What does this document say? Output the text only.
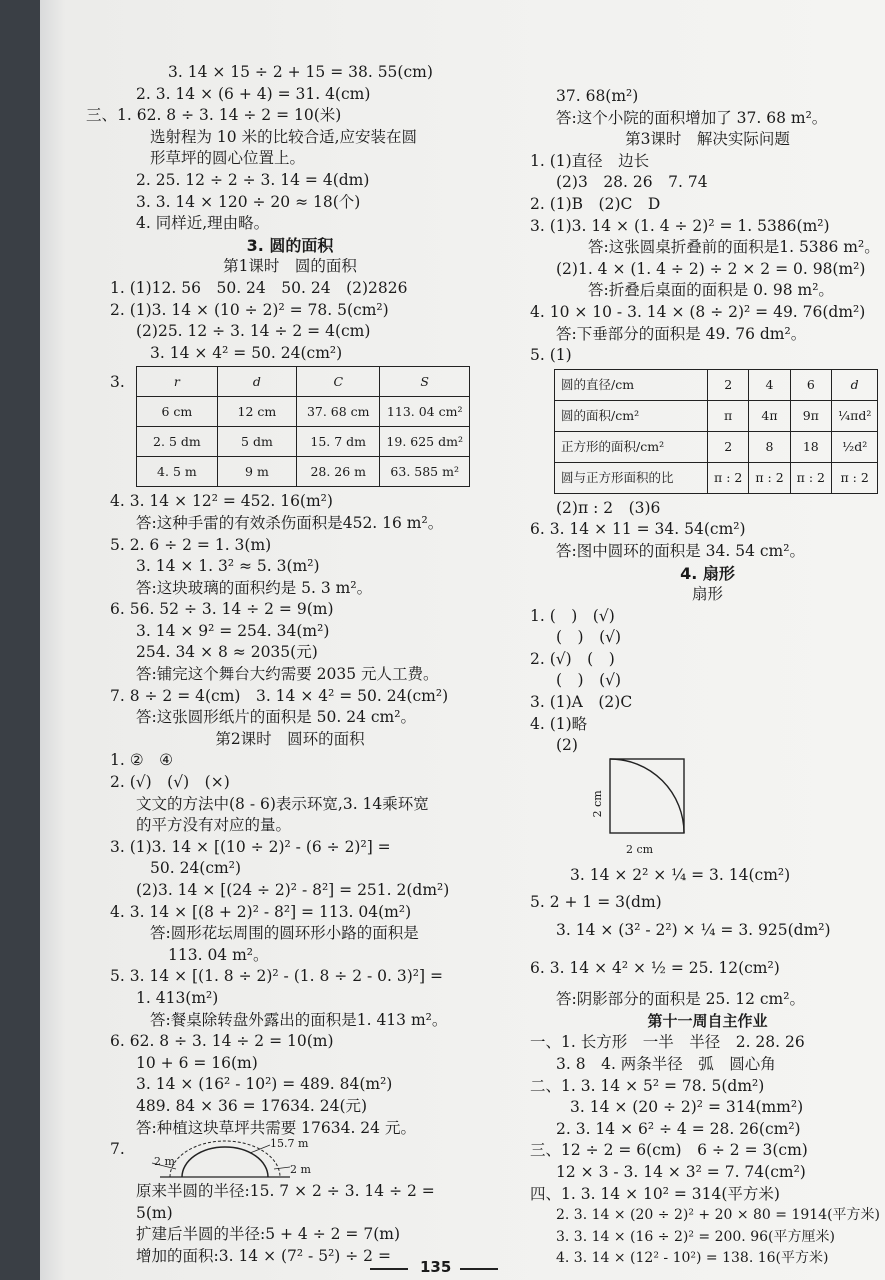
3. 14 × 15 ÷ 2 + 15 = 38. 55(cm)
2. 3. 14 × (6 + 4) = 31. 4(cm)
三、1. 62. 8 ÷ 3. 14 ÷ 2 = 10(米)
选射程为 10 米的比较合适,应安装在圆
形草坪的圆心位置上。
2. 25. 12 ÷ 2 ÷ 3. 14 = 4(dm)
3. 3. 14 × 120 ÷ 20 ≈ 18(个)
4. 同样近,理由略。
3. 圆的面积
第1课时　圆的面积
1. (1)12. 56　50. 24　50. 24　(2)2826
2. (1)3. 14 × (10 ÷ 2)² = 78. 5(cm²)
(2)25. 12 ÷ 3. 14 ÷ 2 = 4(cm)
3. 14 × 4² = 50. 24(cm²)
3.	r	d	C	S
6 cm	12 cm	37. 68 cm	113. 04 cm²
2. 5 dm	5 dm	15. 7 dm	19. 625 dm²
4. 5 m	9 m	28. 26 m	63. 585 m²
4. 3. 14 × 12² = 452. 16(m²)
答:这种手雷的有效杀伤面积是452. 16 m²。
5. 2. 6 ÷ 2 = 1. 3(m)
3. 14 × 1. 3² ≈ 5. 3(m²)
答:这块玻璃的面积约是 5. 3 m²。
6. 56. 52 ÷ 3. 14 ÷ 2 = 9(m)
3. 14 × 9² = 254. 34(m²)
254. 34 × 8 ≈ 2035(元)
答:铺完这个舞台大约需要 2035 元人工费。
7. 8 ÷ 2 = 4(cm)　3. 14 × 4² = 50. 24(cm²)
答:这张圆形纸片的面积是 50. 24 cm²。
第2课时　圆环的面积
1. ②　④
2. (√)　(√)　(×)
文文的方法中(8 - 6)表示环宽,3. 14乘环宽
的平方没有对应的量。
3. (1)3. 14 × [(10 ÷ 2)² - (6 ÷ 2)²] =
50. 24(cm²)
(2)3. 14 × [(24 ÷ 2)² - 8²] = 251. 2(dm²)
4. 3. 14 × [(8 + 2)² - 8²] = 113. 04(m²)
答:圆形花坛周围的圆环形小路的面积是
113. 04 m²。
5. 3. 14 × [(1. 8 ÷ 2)² - (1. 8 ÷ 2 - 0. 3)²] =
1. 413(m²)
答:餐桌除转盘外露出的面积是1. 413 m²。
6. 62. 8 ÷ 3. 14 ÷ 2 = 10(m)
10 + 6 = 16(m)
3. 14 × (16² - 10²) = 489. 84(m²)
489. 84 × 36 = 17634. 24(元)
答:种植这块草坪共需要 17634. 24 元。
7.
2 m
2 m
15.7 m
原来半圆的半径:15. 7 × 2 ÷ 3. 14 ÷ 2 =
5(m)
扩建后半圆的半径:5 + 4 ÷ 2 = 7(m)
增加的面积:3. 14 × (7² - 5²) ÷ 2 =
37. 68(m²)
答:这个小院的面积增加了 37. 68 m²。
第3课时　解决实际问题
1. (1)直径　边长
(2)3　28. 26　7. 74
2. (1)B　(2)C　D
3. (1)3. 14 × (1. 4 ÷ 2)² = 1. 5386(m²)
答:这张圆桌折叠前的面积是1. 5386 m²。
(2)1. 4 × (1. 4 ÷ 2) ÷ 2 × 2 = 0. 98(m²)
答:折叠后桌面的面积是 0. 98 m²。
4. 10 × 10 - 3. 14 × (8 ÷ 2)² = 49. 76(dm²)
答:下垂部分的面积是 49. 76 dm²。
5. (1)
圆的直径/cm	2	4	6	d
圆的面积/cm²	π	4π	9π	¼πd²
正方形的面积/cm²	2	8	18	½d²
圆与正方形面积的比	π : 2	π : 2	π : 2	π : 2
(2)π : 2　(3)6
6. 3. 14 × 11 = 34. 54(cm²)
答:图中圆环的面积是 34. 54 cm²。
4. 扇形
扇形
1. (　)　(√)
(　)　(√)
2. (√)　(　)
(　)　(√)
3. (1)A　(2)C
4. (1)略
(2)
2 cm
2 cm
3. 14 × 2² × ¼ = 3. 14(cm²)
5. 2 + 1 = 3(dm)
3. 14 × (3² - 2²) × ¼ = 3. 925(dm²)
6. 3. 14 × 4² × ½ = 25. 12(cm²)
答:阴影部分的面积是 25. 12 cm²。
第十一周自主作业
一、1. 长方形　一半　半径　2. 28. 26
3. 8　4. 两条半径　弧　圆心角
二、1. 3. 14 × 5² = 78. 5(dm²)
3. 14 × (20 ÷ 2)² = 314(mm²)
2. 3. 14 × 6² ÷ 4 = 28. 26(cm²)
三、12 ÷ 2 = 6(cm)　6 ÷ 2 = 3(cm)
12 × 3 - 3. 14 × 3² = 7. 74(cm²)
四、1. 3. 14 × 10² = 314(平方米)
2. 3. 14 × (20 ÷ 2)² + 20 × 80 = 1914(平方米)
3. 3. 14 × (16 ÷ 2)² = 200. 96(平方厘米)
4. 3. 14 × (12² - 10²) = 138. 16(平方米)
135
